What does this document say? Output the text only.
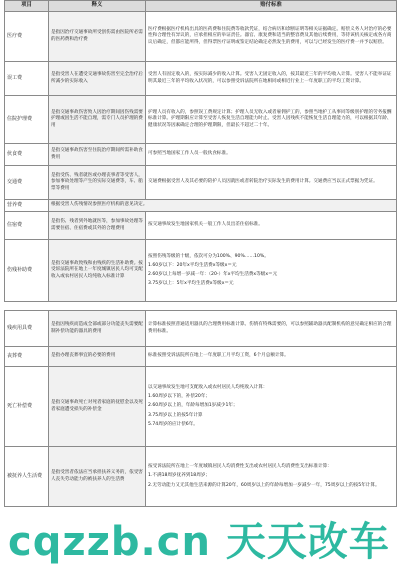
项目	释义	赔付标准
医疗费	是指因治疗交通事故所受创伤需由医院所必需的医药费和治疗费	医疗费根据医疗机构出具的医药费和住院费等收款凭证，结合病历和诊断证明等相关证据确定。赔偿义务人对治疗的必要性和合理性有异议的，应承担相应的举证责任。器官、康复费和适当的整容费及其他后续费用，等待该机关核定或各方商议后确定，但都应能所得，但得票医疗证明或鉴定结论确定必然发生的费用，可以与已经发生的医疗费一并予以赔偿。
误工费	是指受害人在遭受交通事故伤害至完全治疗后所减少的实际收入	受害人有固定收入的，按实际减少的收入计算。受害人无固定收入的，按其最近三年的平均收入计算。受害人不能举证证明其最近三年的平均收入状况的，可以参照受诉法院所在地相同或相近行业上一年度职工的平均工资计算。
住院护理费	是指交通事故伤害致人因治疗期间因伤残需要护理或因生活不能自理，需专门人员护理的费用	护理人员有收入的，参照误工费规定计算；护理人员无收入或者雇佣护工的，参照当地护工从事同等级别护理的劳务报酬标准计算。护理期限应计算至受害人恢复生活自理能力时止。受害人因残疾不能恢复生活自理能力的，可以根据其年龄、健康状况等因素确定合理的护理期限，但最长不超过二十年。
伙食费	是指交通事故伤害至住院治疗期间所需补助食费用	可参照当地国家工作人员一般伙食标准。
交通费	是指受伤、残者就医或办理丧事者等受害人，参加事故处理等产生的实际交通费等，车、船票等费用	交通费根据受害人及其必要的陪护人员因就医或者转院治疗实际发生的费用计算。交通费应当以正式票据为凭证。
营养费	根据受害人伤残情况参照医疗机构的意见决定。	
住宿费	是指伤、残者到外地就医等，参加事故处理等需要住宿、住宿费或其外的合理费用	按交通事故发生地国家机关一般工作人员出差住宿标准。
伤残补助费	是指交通事故致残和由残疾的生活补助费。按受诉法院所在地上一年度城镇居民人均可支配收入或农村居民人均纯收入标准计算	按照伤残等级的十级，依次可分为100%、90%……10%。
1.60岁以下：20年x平均生活费x等级x＝元
2.60岁以上每增一岁减一年：（20-）年x平均生活费x等级x＝元
3.75岁以上：5年x平均生活费x等级x＝元
残疾用具费	是指因残疾而造成全部或部分功能丧失需要配制补偿功能的器具的费用	计算标准按照普通适用器具的合理费用标准计算。伤情有特殊需要的，可以参照辅助器具配制机构的意见确定相应的合理费用标准。
丧葬费	是指办理丧葬事宜的必要的费用	标准按照受诉法院所在地上一年度职工月平均工资，6个月总额计算。
死亡补偿费	是指交通事故死亡对死者家庭的抚慰金以及死者家庭遭受损失的补偿金	以交通事故发生地可支配收入或农村居民人均纯收入计算：
1.60周岁以下的，补偿20年；
2.60周岁以上的，年龄每增加1岁减少1年；
3.75周岁以上的按5年计算
5.74周岁的应计偿6年。

被抚养人生活费	是指受害者依法应当承担扶养义务的，依受害人丧失劳动能力的被扶养人的生活费	按受诉法院所在地上一年度城镇居民人均消费性支出或农村居民人均消费性支出标准计算：
1.不满18周岁抚养到18周岁；
2.无劳动能力又无其他生活来源的计算20年，60周岁以上的年龄每增加一岁减少一年，75周岁以上的按5年计算。
cqzzb.cn 天天改车
